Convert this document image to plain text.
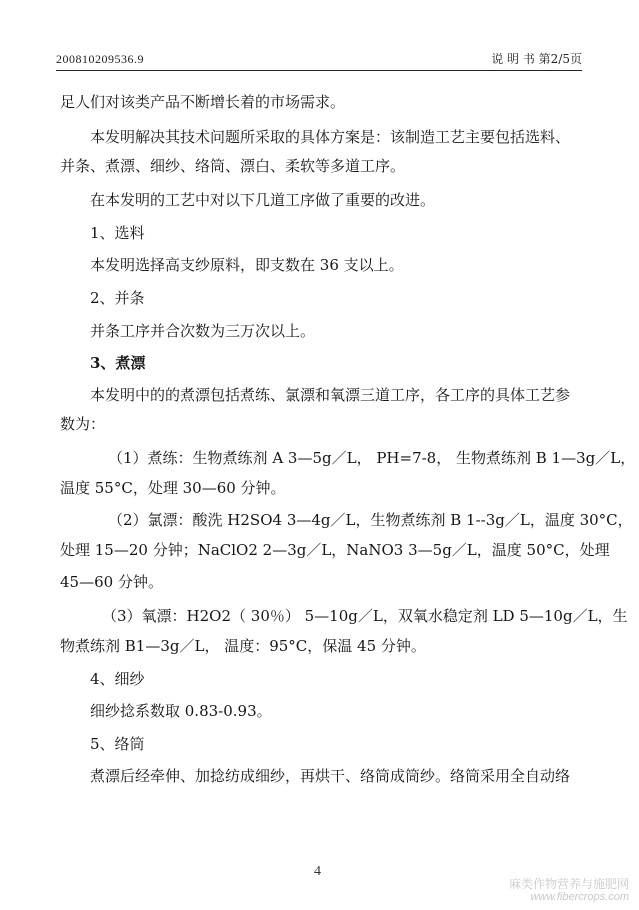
200810209536.9	说 明 书 第2/5页
足人们对该类产品不断增长着的市场需求。
本发明解决其技术问题所采取的具体方案是：该制造工艺主要包括选料、
并条、煮漂、细纱、络筒、漂白、柔软等多道工序。
在本发明的工艺中对以下几道工序做了重要的改进。
1、选料
本发明选择高支纱原料，即支数在 36 支以上。
2、并条
并条工序并合次数为三万次以上。
3、煮漂
本发明中的的煮漂包括煮练、氯漂和氧漂三道工序，各工序的具体工艺参
数为：
（1）煮练：生物煮练剂 A 3—5g／L， PH=7-8， 生物煮练剂 B 1—3g／L，
温度 55°C，处理 30—60 分钟。
（2）氯漂：酸洗 H2SO4 3—4g／L，生物煮练剂 B 1--3g／L，温度 30°C，
处理 15—20 分钟；NaClO2 2—3g／L，NaNO3 3—5g／L，温度 50°C，处理
45—60 分钟。
（3）氧漂：H2O2（ 30％） 5—10g／L，双氧水稳定剂 LD 5—10g／L，生
物煮练剂 B1—3g／L， 温度：95°C，保温 45 分钟。
4、细纱
细纱捻系数取 0.83-0.93。
5、络筒
煮漂后经牵伸、加捻纺成细纱，再烘干、络筒成筒纱。络筒采用全自动络
4
麻类作物营养与施肥网
www.fibercrops.com
